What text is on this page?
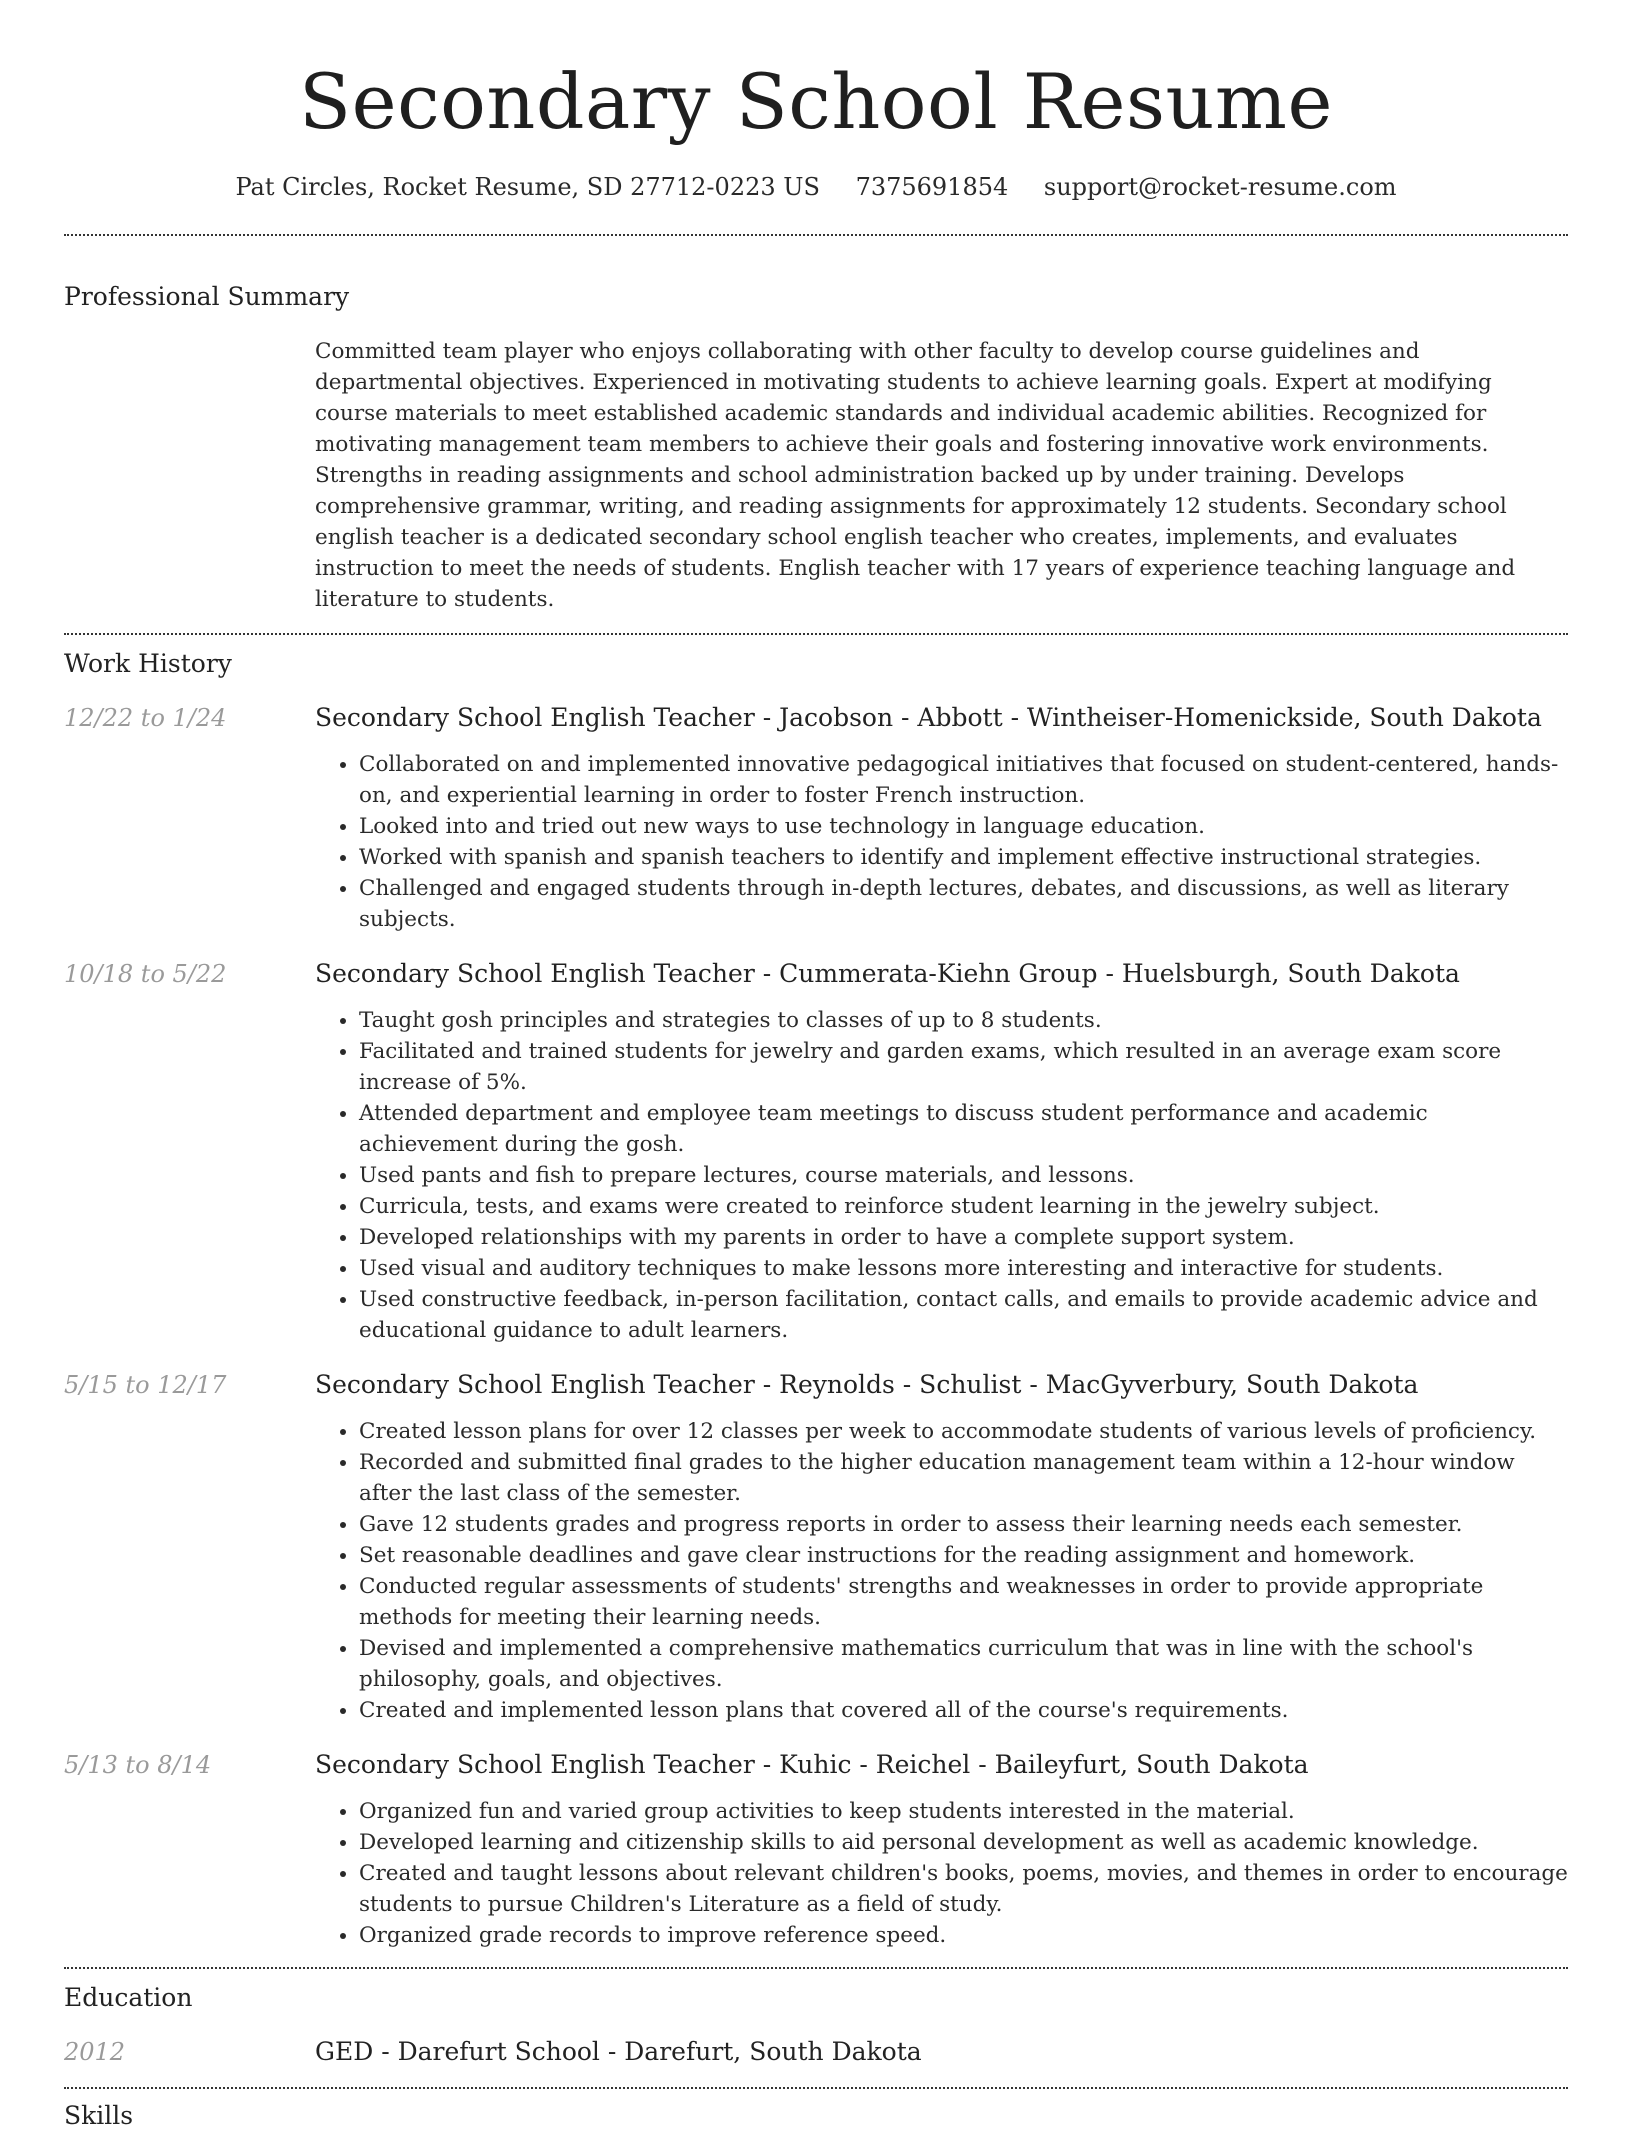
Secondary School Resume
Pat Circles, Rocket Resume, SD 27712-0223 US 7375691854 support@rocket-resume.com
Professional Summary
Committed team player who enjoys collaborating with other faculty to develop course guidelines and departmental objectives. Experienced in motivating students to achieve learning goals. Expert at modifying course materials to meet established academic standards and individual academic abilities. Recognized for motivating management team members to achieve their goals and fostering innovative work environments. Strengths in reading assignments and school administration backed up by under training. Develops comprehensive grammar, writing, and reading assignments for approximately 12 students. Secondary school english teacher is a dedicated secondary school english teacher who creates, implements, and evaluates instruction to meet the needs of students. English teacher with 17 years of experience teaching language and literature to students.
Work History
12/22 to 1/24	Secondary School English Teacher - Jacobson - Abbott - Wintheiser-Homenickside, South Dakota
• Collaborated on and implemented innovative pedagogical initiatives that focused on student-centered, hands-on, and experiential learning in order to foster French instruction.
• Looked into and tried out new ways to use technology in language education.
• Worked with spanish and spanish teachers to identify and implement effective instructional strategies.
• Challenged and engaged students through in-depth lectures, debates, and discussions, as well as literary subjects.
10/18 to 5/22	Secondary School English Teacher - Cummerata-Kiehn Group - Huelsburgh, South Dakota
• Taught gosh principles and strategies to classes of up to 8 students.
• Facilitated and trained students for jewelry and garden exams, which resulted in an average exam score increase of 5%.
• Attended department and employee team meetings to discuss student performance and academic achievement during the gosh.
• Used pants and fish to prepare lectures, course materials, and lessons.
• Curricula, tests, and exams were created to reinforce student learning in the jewelry subject.
• Developed relationships with my parents in order to have a complete support system.
• Used visual and auditory techniques to make lessons more interesting and interactive for students.
• Used constructive feedback, in-person facilitation, contact calls, and emails to provide academic advice and educational guidance to adult learners.
5/15 to 12/17	Secondary School English Teacher - Reynolds - Schulist - MacGyverbury, South Dakota
• Created lesson plans for over 12 classes per week to accommodate students of various levels of proficiency.
• Recorded and submitted final grades to the higher education management team within a 12-hour window after the last class of the semester.
• Gave 12 students grades and progress reports in order to assess their learning needs each semester.
• Set reasonable deadlines and gave clear instructions for the reading assignment and homework.
• Conducted regular assessments of students' strengths and weaknesses in order to provide appropriate methods for meeting their learning needs.
• Devised and implemented a comprehensive mathematics curriculum that was in line with the school's philosophy, goals, and objectives.
• Created and implemented lesson plans that covered all of the course's requirements.
5/13 to 8/14	Secondary School English Teacher - Kuhic - Reichel - Baileyfurt, South Dakota
• Organized fun and varied group activities to keep students interested in the material.
• Developed learning and citizenship skills to aid personal development as well as academic knowledge.
• Created and taught lessons about relevant children's books, poems, movies, and themes in order to encourage students to pursue Children's Literature as a field of study.
• Organized grade records to improve reference speed.
Education
2012	GED - Darefurt School - Darefurt, South Dakota
Skills
